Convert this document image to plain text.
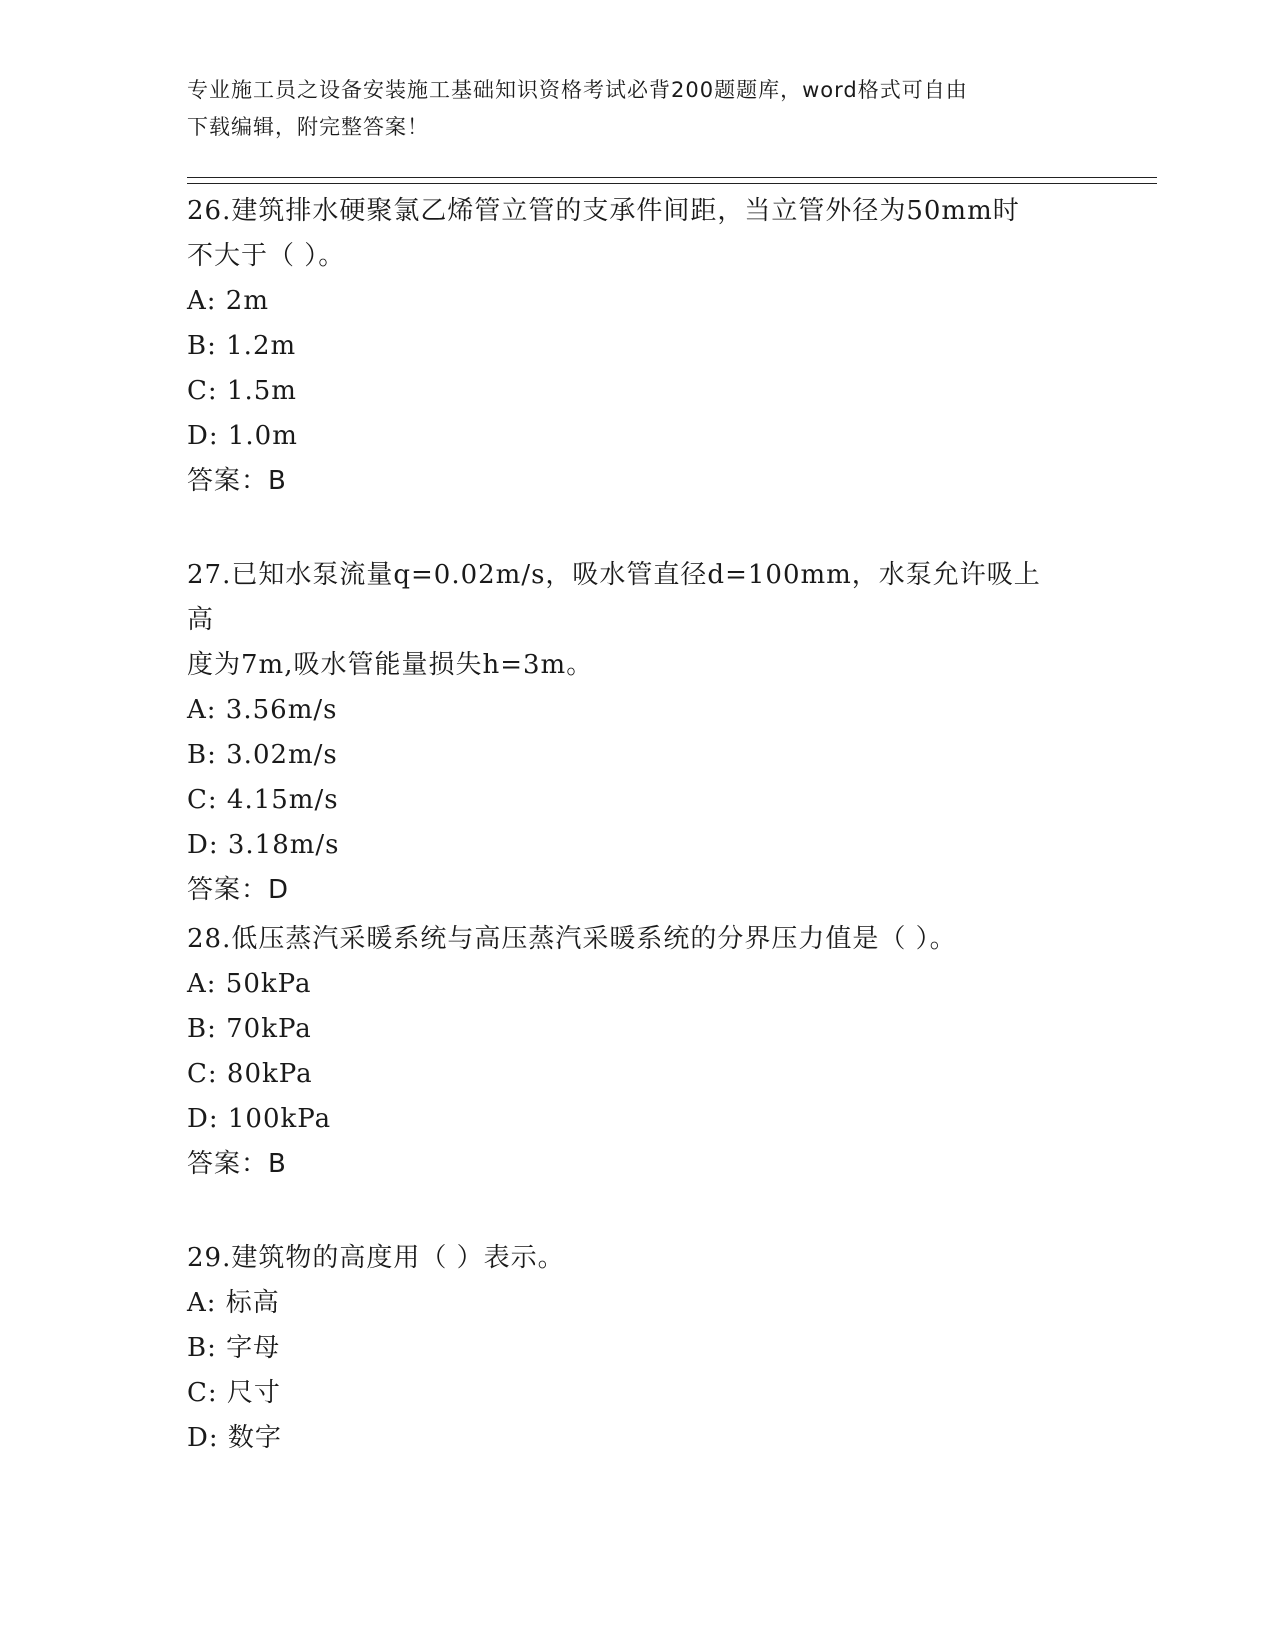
专业施工员之设备安装施工基础知识资格考试必背200题题库，word格式可自由
下载编辑，附完整答案！

26.建筑排水硬聚氯乙烯管立管的支承件间距，当立管外径为50mm时

不大于（ ）。

A: 2m

B: 1.2m

C: 1.5m

D: 1.0m

答案：B

27.已知水泵流量q=0.02m/s，吸水管直径d=100mm，水泵允许吸上高

度为7m,吸水管能量损失h=3m。

A: 3.56m/s

B: 3.02m/s

C: 4.15m/s

D: 3.18m/s

答案：D

28.低压蒸汽采暖系统与高压蒸汽采暖系统的分界压力值是（ ）。

A: 50kPa

B: 70kPa

C: 80kPa

D: 100kPa

答案：B

29.建筑物的高度用（ ）表示。

A: 标高

B: 字母

C: 尺寸

D: 数字
